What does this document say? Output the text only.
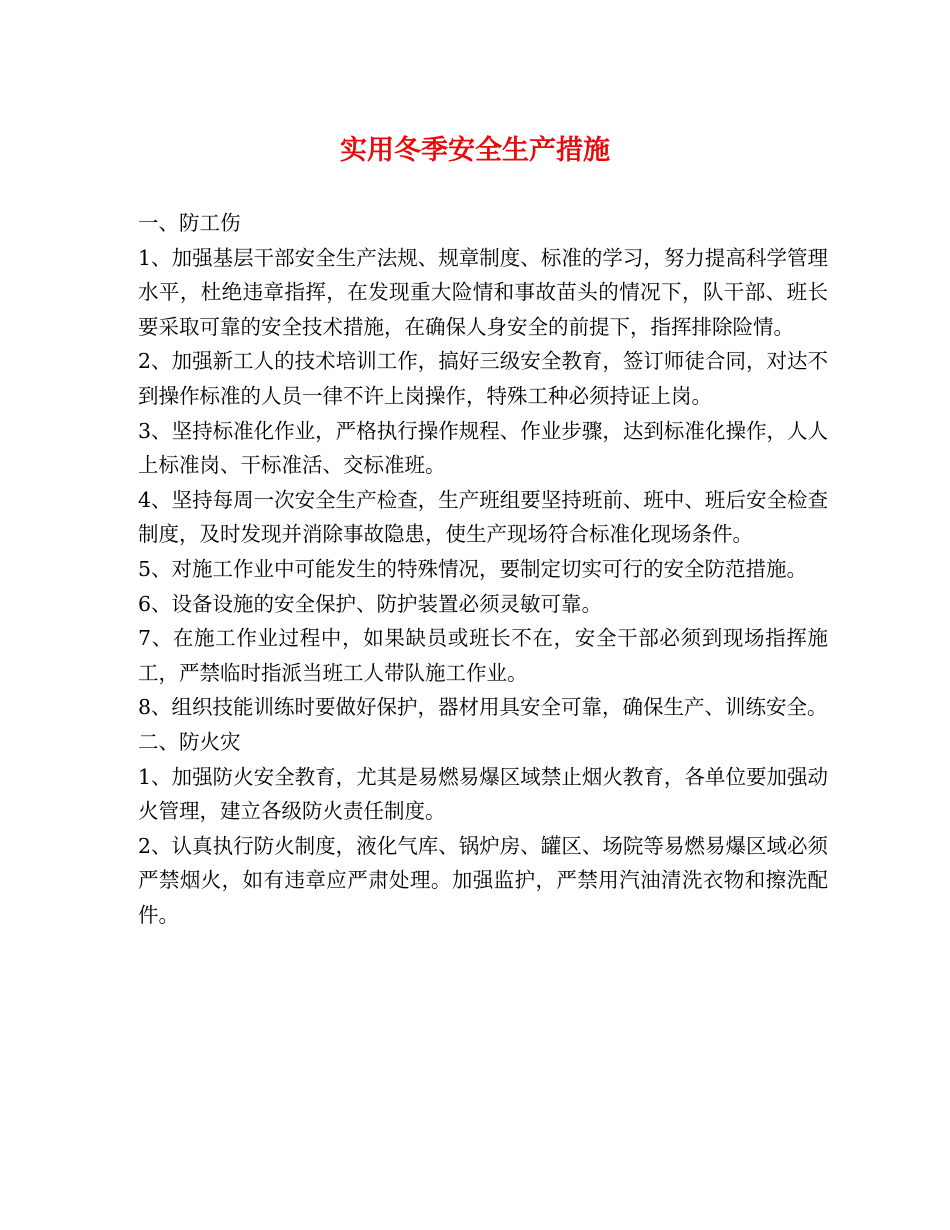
实用冬季安全生产措施

一、防工伤

1、加强基层干部安全生产法规、规章制度、标准的学习，努力提高科学管理水平，杜绝违章指挥，在发现重大险情和事故苗头的情况下，队干部、班长要采取可靠的安全技术措施，在确保人身安全的前提下，指挥排除险情。

2、加强新工人的技术培训工作，搞好三级安全教育，签订师徒合同，对达不到操作标准的人员一律不许上岗操作，特殊工种必须持证上岗。

3、坚持标准化作业，严格执行操作规程、作业步骤，达到标准化操作，人人上标准岗、干标准活、交标准班。

4、坚持每周一次安全生产检查，生产班组要坚持班前、班中、班后安全检查制度，及时发现并消除事故隐患，使生产现场符合标准化现场条件。

5、对施工作业中可能发生的特殊情况，要制定切实可行的安全防范措施。

6、设备设施的安全保护、防护装置必须灵敏可靠。

7、在施工作业过程中，如果缺员或班长不在，安全干部必须到现场指挥施工，严禁临时指派当班工人带队施工作业。

8、组织技能训练时要做好保护，器材用具安全可靠，确保生产、训练安全。

二、防火灾

1、加强防火安全教育，尤其是易燃易爆区域禁止烟火教育，各单位要加强动火管理，建立各级防火责任制度。

2、认真执行防火制度，液化气库、锅炉房、罐区、场院等易燃易爆区域必须严禁烟火，如有违章应严肃处理。加强监护，严禁用汽油清洗衣物和擦洗配件。
